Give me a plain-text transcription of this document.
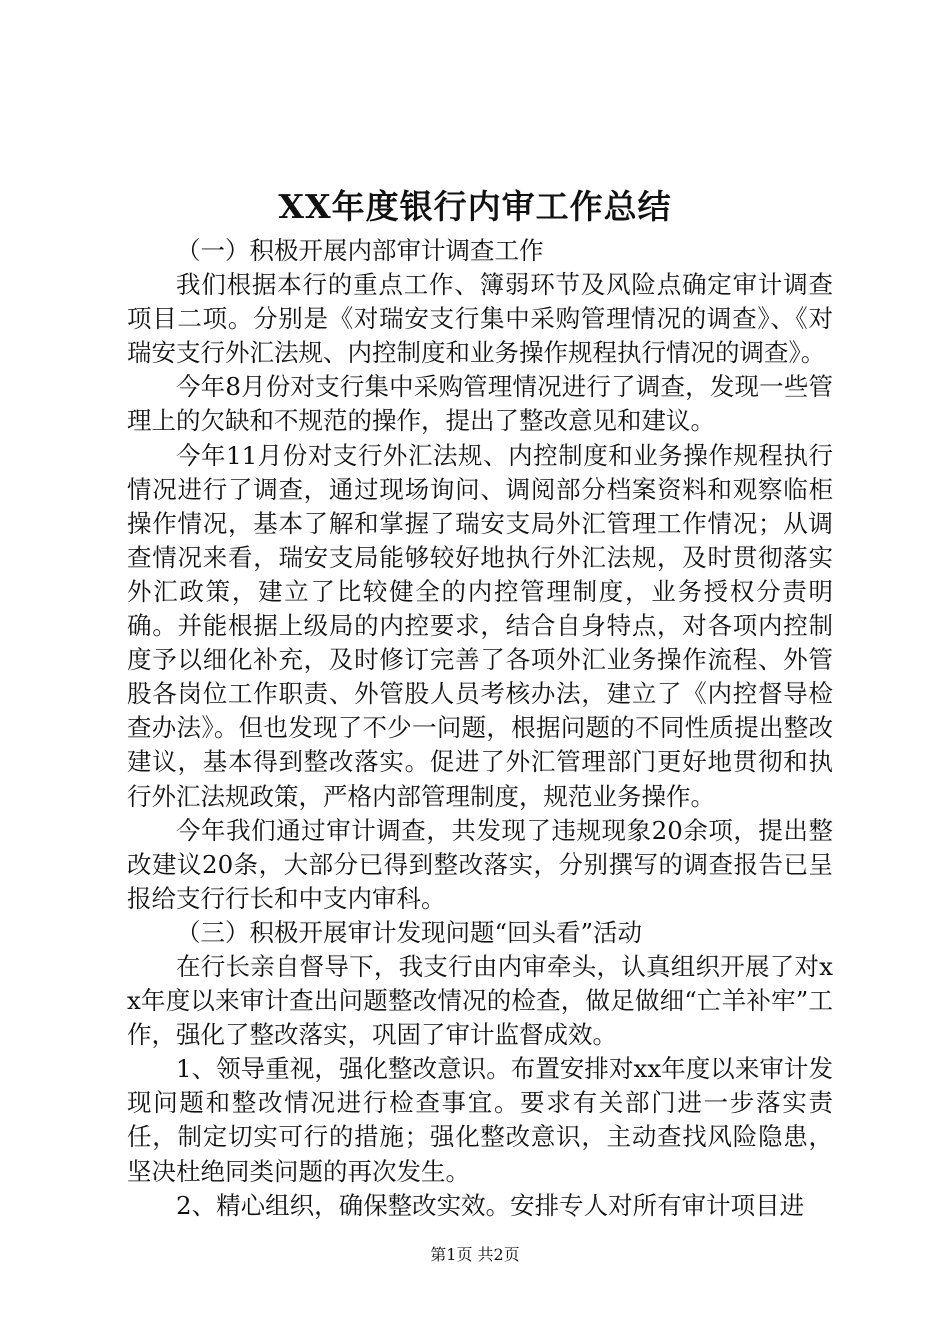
XX年度银行内审工作总结

（一）积极开展内部审计调查工作

我们根据本行的重点工作、簿弱环节及风险点确定审计调查项目二项。分别是《对瑞安支行集中采购管理情况的调查》、《对瑞安支行外汇法规、内控制度和业务操作规程执行情况的调查》。

今年8月份对支行集中采购管理情况进行了调查，发现一些管理上的欠缺和不规范的操作，提出了整改意见和建议。

今年11月份对支行外汇法规、内控制度和业务操作规程执行情况进行了调查，通过现场询问、调阅部分档案资料和观察临柜操作情况，基本了解和掌握了瑞安支局外汇管理工作情况；从调查情况来看，瑞安支局能够较好地执行外汇法规，及时贯彻落实外汇政策，建立了比较健全的内控管理制度，业务授权分责明确。并能根据上级局的内控要求，结合自身特点，对各项内控制度予以细化补充，及时修订完善了各项外汇业务操作流程、外管股各岗位工作职责、外管股人员考核办法，建立了《内控督导检查办法》。但也发现了不少一问题，根据问题的不同性质提出整改建议，基本得到整改落实。促进了外汇管理部门更好地贯彻和执行外汇法规政策，严格内部管理制度，规范业务操作。

今年我们通过审计调查，共发现了违规现象20余项，提出整改建议20条，大部分已得到整改落实，分别撰写的调查报告已呈报给支行行长和中支内审科。

（三）积极开展审计发现问题“回头看”活动

在行长亲自督导下，我支行由内审牵头，认真组织开展了对xx年度以来审计查出问题整改情况的检查，做足做细“亡羊补牢”工作，强化了整改落实，巩固了审计监督成效。

1、领导重视，强化整改意识。布置安排对xx年度以来审计发现问题和整改情况进行检查事宜。要求有关部门进一步落实责任，制定切实可行的措施；强化整改意识，主动查找风险隐患，坚决杜绝同类问题的再次发生。

2、精心组织，确保整改实效。安排专人对所有审计项目进

第1页 共2页
